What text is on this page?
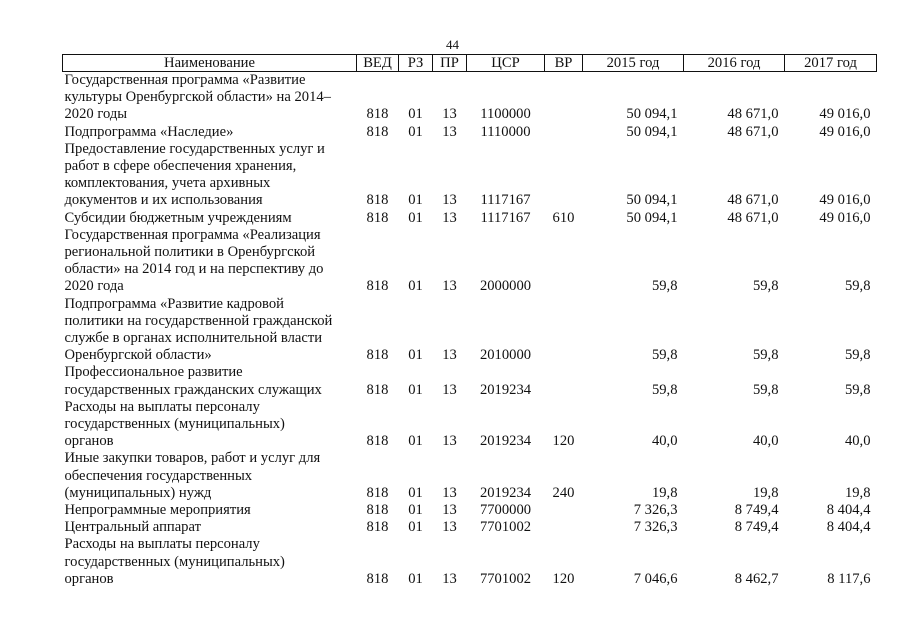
44
Наименование	ВЕД	РЗ	ПР	ЦСР	ВР	2015 год	2016 год	2017 год

Государственная программа «Развитие
культуры Оренбургской области» на 2014–
2020 годы	818	01	13	1100000		50 094,1	48 671,0	49 016,0

Подпрограмма «Наследие»	818	01	13	1110000		50 094,1	48 671,0	49 016,0

Предоставление государственных услуг и
работ в сфере обеспечения хранения,
комплектования, учета архивных
документов и их использования	818	01	13	1117167		50 094,1	48 671,0	49 016,0

Субсидии бюджетным учреждениям	818	01	13	1117167	610	50 094,1	48 671,0	49 016,0

Государственная программа «Реализация
региональной политики в Оренбургской
области» на 2014 год и на перспективу до
2020 года	818	01	13	2000000		59,8	59,8	59,8

Подпрограмма «Развитие кадровой
политики на государственной гражданской
службе в органах исполнительной власти
Оренбургской области»	818	01	13	2010000		59,8	59,8	59,8

Профессиональное развитие
государственных гражданских служащих	818	01	13	2019234		59,8	59,8	59,8

Расходы на выплаты персоналу
государственных (муниципальных)
органов	818	01	13	2019234	120	40,0	40,0	40,0

Иные закупки товаров, работ и услуг для
обеспечения государственных
(муниципальных) нужд	818	01	13	2019234	240	19,8	19,8	19,8

Непрограммные мероприятия	818	01	13	7700000		7 326,3	8 749,4	8 404,4

Центральный аппарат	818	01	13	7701002		7 326,3	8 749,4	8 404,4

Расходы на выплаты персоналу
государственных (муниципальных)
органов	818	01	13	7701002	120	7 046,6	8 462,7	8 117,6
